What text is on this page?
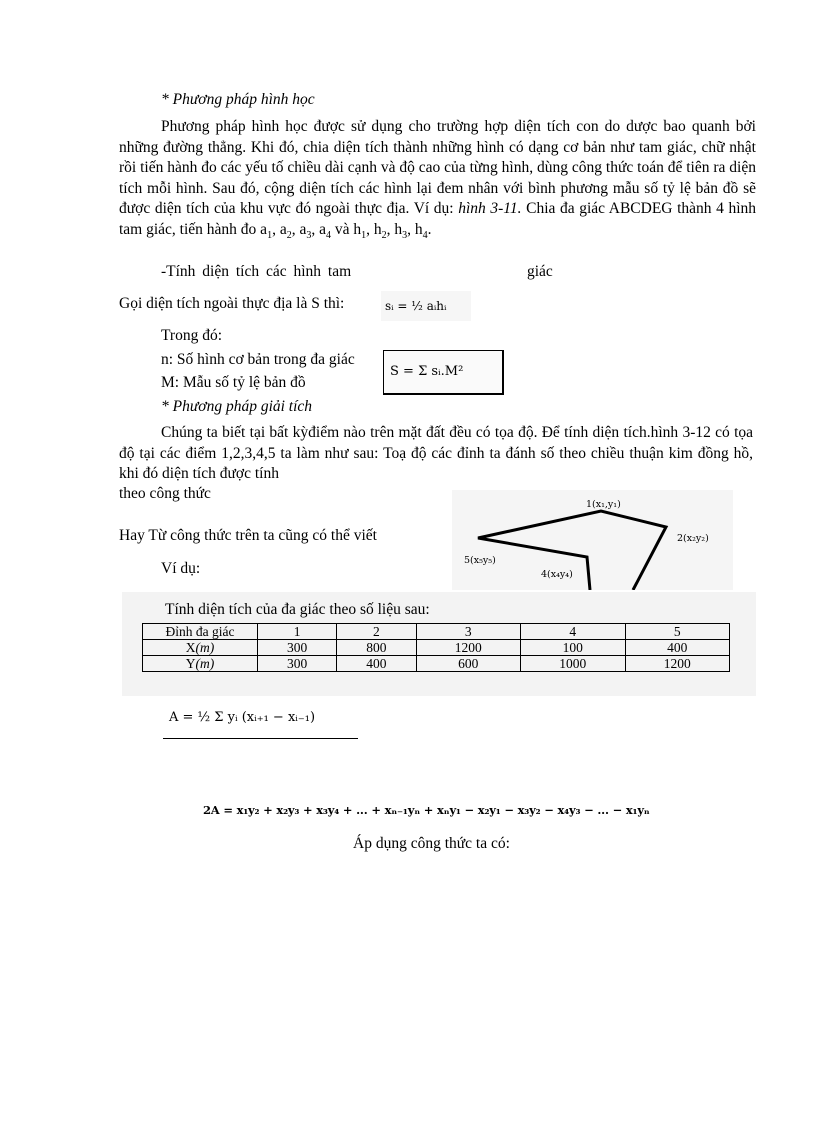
* Phương pháp hình học
Phương pháp hình học được sử dụng cho trường hợp diện tích con do dược bao quanh bởi những đường thẳng. Khi đó, chia diện tích thành những hình có dạng cơ bản như tam giác, chữ nhật rồi tiến hành đo các yếu tố chiều dài cạnh và độ cao của từng hình, dùng công thức toán để tiên ra diện tích mỗi hình. Sau đó, cộng diện tích các hình lại đem nhân với bình phương mẫu số tỷ lệ bản đồ sẽ được diện tích của khu vực đó ngoài thực địa. Ví dụ: hình 3-11. Chia đa giác ABCDEG thành 4 hình tam giác, tiến hành đo $a_1$, $a_2$, $a_3$, $a_4$ và $h_1$, $h_2$, $h_3$, $h_4$.
-Tính diện tích các hình tam	giác
Gọi diện tích ngoài thực địa là S thì:	sᵢ = ½ aᵢhᵢ
Trong đó:
n: Số hình cơ bản trong đa giác
M: Mẫu số tỷ lệ bản đồ
S = Σ sᵢ.M²
* Phương pháp giải tích
Chúng ta biết tại bất kỳđiểm nào trên mặt đất đều có tọa độ. Để tính diện tích.hình 3-12 có tọa độ tại các điểm 1,2,3,4,5 ta làm như sau: Toạ độ các đỉnh ta đánh số theo chiều thuận kim đồng hồ, khi đó diện tích được tính
theo công thức
Hay Từ công thức trên ta cũng có thể viết
Ví dụ:
1(x₁,y₁)
2(x₂y₂)
4(x₄y₄)
5(x₅y₅)
Tính diện tích của đa giác theo số liệu sau:
Đỉnh đa giác	1	2	3	4	5
X(m)	300	800	1200	100	400
Y(m)	300	400	600	1000	1200
A = ½ Σ yᵢ (xᵢ₊₁ − xᵢ₋₁)
2A = x₁y₂ + x₂y₃ + x₃y₄ + ... + xₙ₋₁yₙ + xₙy₁ − x₂y₁ − x₃y₂ − x₄y₃ − ... − x₁yₙ
Áp dụng công thức ta có:
